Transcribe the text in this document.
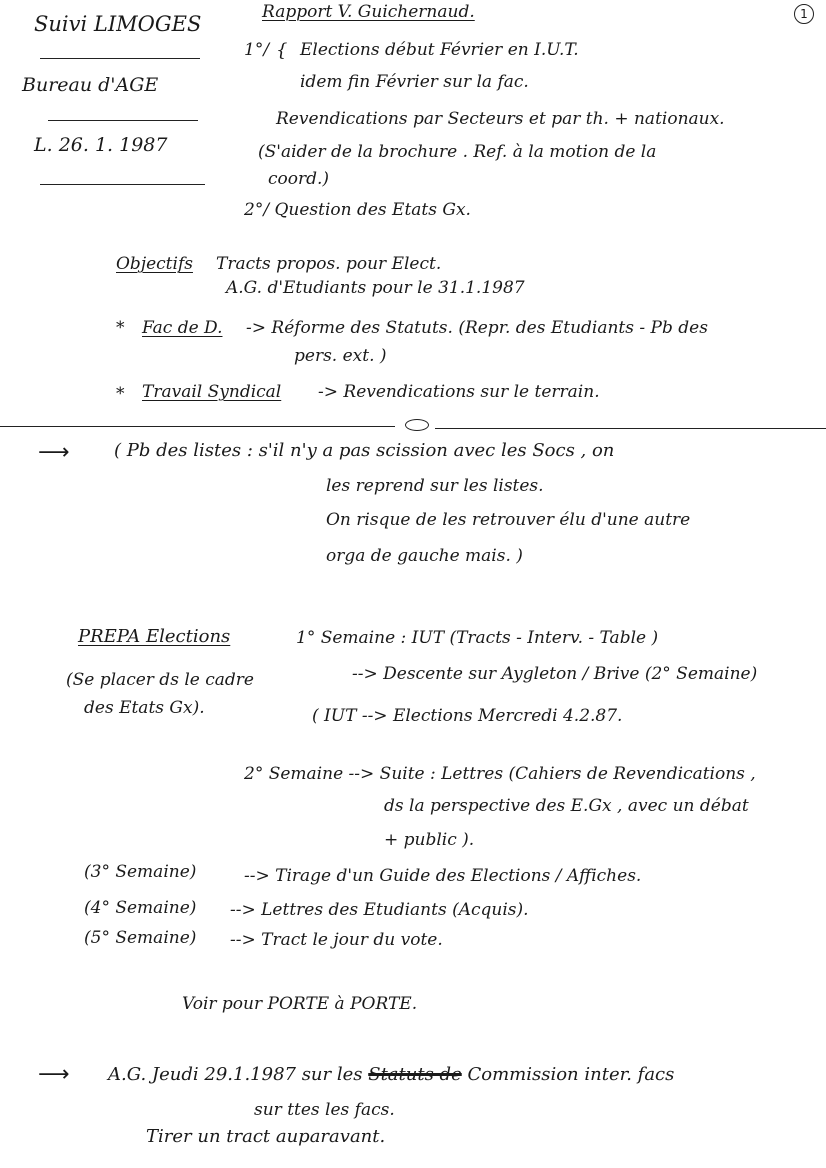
1
Suivi LIMOGES
Bureau d'AGE
L. 26. 1. 1987
Rapport V. Guichernaud.
1°/ { Elections début Février en I.U.T.
idem fin Février sur la fac.
Revendications par Secteurs et par th. + nationaux.
(S'aider de la brochure . Ref. à la motion de la
coord.)
2°/ Question des Etats Gx.
Objectifs Tracts propos. pour Elect.
A.G. d'Etudiants pour le 31.1.1987
* Fac de D. -> Réforme des Statuts. (Repr. des Etudiants - Pb des
pers. ext. )
* Travail Syndical -> Revendications sur le terrain.
⟶ ( Pb des listes : s'il n'y a pas scission avec les Socs , on
les reprend sur les listes.
On risque de les retrouver élu d'une autre
orga de gauche mais. )
PREPA Elections
(Se placer ds le cadre
des Etats Gx).
1° Semaine : IUT (Tracts - Interv. - Table )
--> Descente sur Aygleton / Brive (2° Semaine)
( IUT --> Elections Mercredi 4.2.87.
2° Semaine --> Suite : Lettres (Cahiers de Revendications ,
ds la perspective des E.Gx , avec un débat
+ public ).
(3° Semaine)	--> Tirage d'un Guide des Elections / Affiches.
(4° Semaine) --> Lettres des Etudiants (Acquis).
(5° Semaine) --> Tract le jour du vote.
Voir pour PORTE à PORTE.
⟶ A.G. Jeudi 29.1.1987 sur les Statuts de Commission inter. facs
sur ttes les facs.
Tirer un tract auparavant.
